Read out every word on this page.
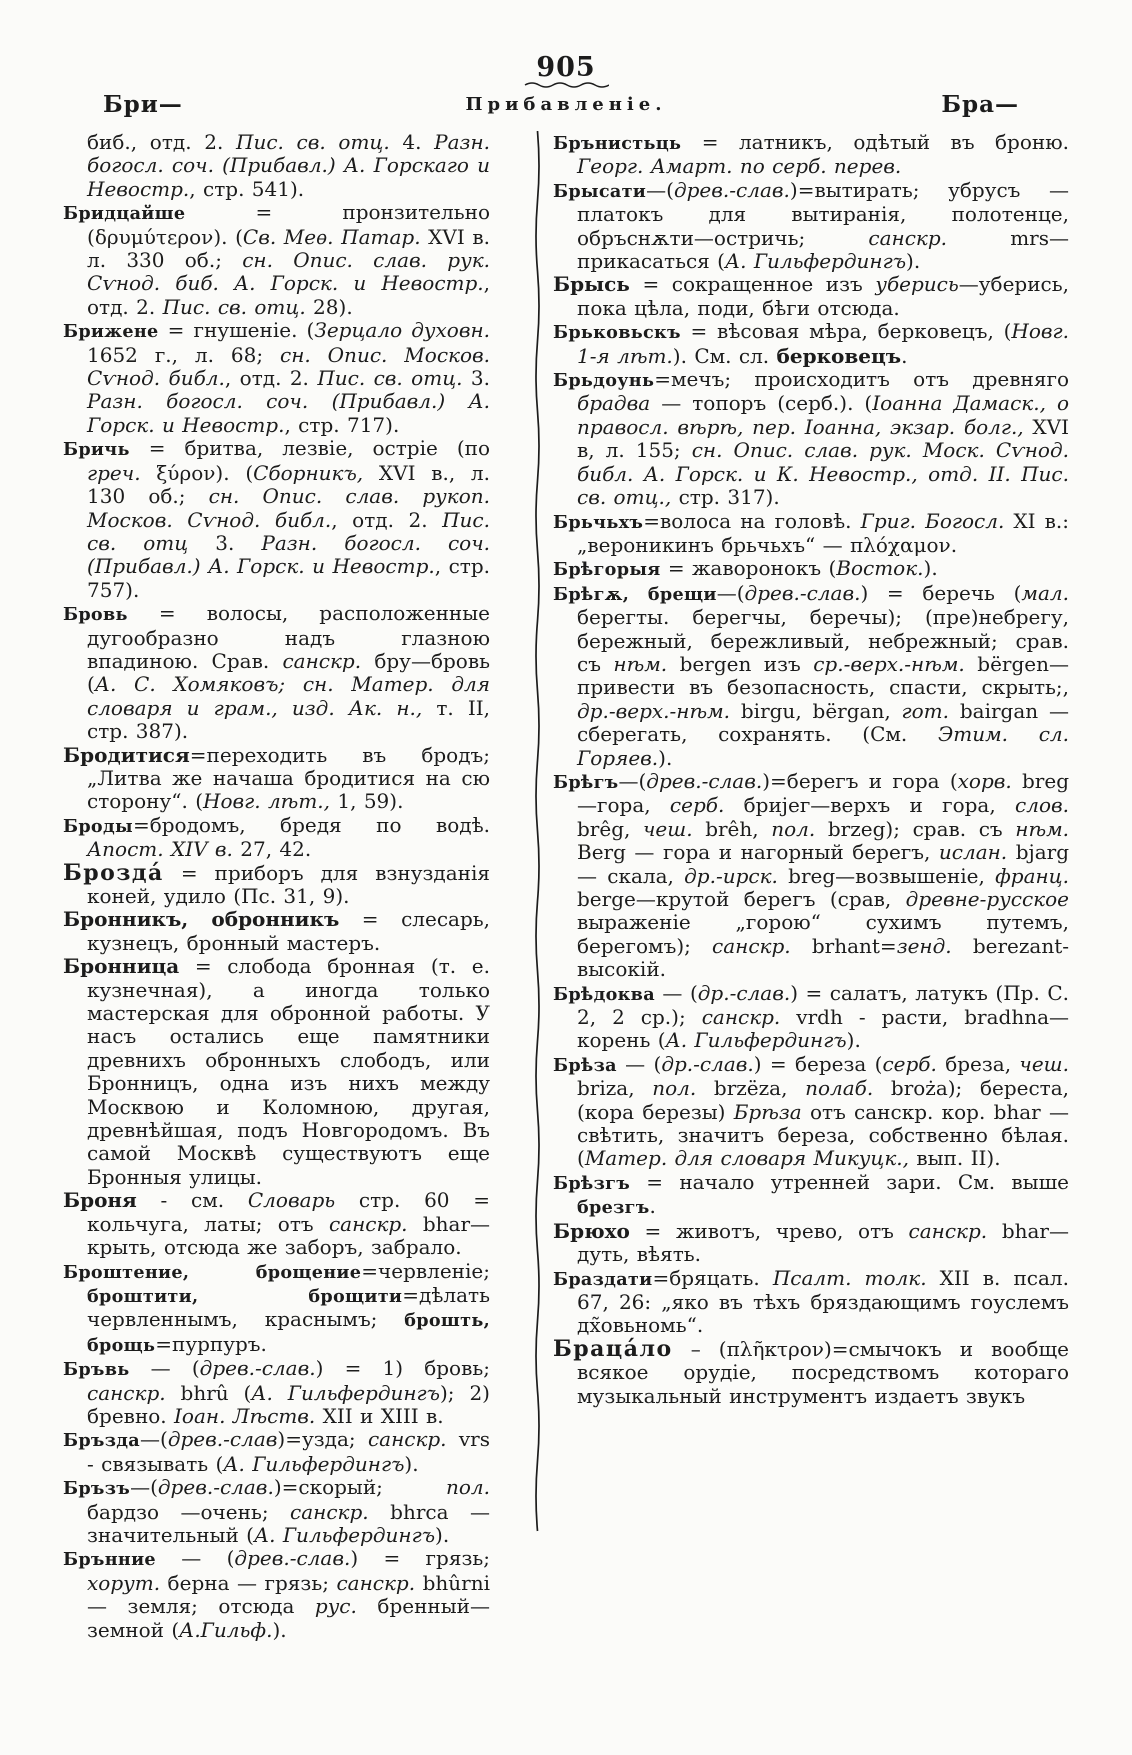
905
Бри—	Прибавленіе.	Бра—

биб., отд. 2. Пис. св. отц. 4. Разн. богосл. соч. (Прибавл.) А. Горскаго и Невостр., стр. 541).

Бридцайше = пронзительно (δρυμύτερον). (Св. Меѳ. Патар. XVI в. л. 330 об.; сн. Опис. слав. рук. Сѵнод. биб. А. Горск. и Невостр., отд. 2. Пис. св. отц. 28).

Брижене = гнушеніе. (Зерцало духовн. 1652 г., л. 68; сн. Опис. Москов. Сѵнод. библ., отд. 2. Пис. св. отц. 3. Разн. богосл. соч. (Прибавл.) А. Горск. и Невостр., стр. 717).

Бричь = бритва, лезвіе, остріе (по греч. ξύρον). (Сборникъ, XVI в., л. 130 об.; сн. Опис. слав. рукоп. Москов. Сѵнод. библ., отд. 2. Пис. св. отц 3. Разн. богосл. соч. (Прибавл.) А. Горск. и Невостр., стр. 757).

Бровь = волосы, расположенные дугообразно надъ глазною впадиною. Срав. санскр. бру—бровь (А. С. Хомяковъ; сн. Матер. для словаря и грам., изд. Ак. н., т. II, стр. 387).

Бродитися=переходить въ бродъ; „Литва же начаша бродитися на сю сторону“. (Новг. лѣт., 1, 59).

Броды=бродомъ, бредя по водѣ. Апост. XIV в. 27, 42.

Брозда́ = приборъ для взнузданія коней, удило (Пс. 31, 9).

Бронникъ, обронникъ = слесарь, кузнецъ, бронный мастеръ.

Бронница = слобода бронная (т. е. кузнечная), а иногда только мастерская для обронной работы. У насъ остались еще памятники древнихъ обронныхъ слободъ, или Бронницъ, одна изъ нихъ между Москвою и Коломною, другая, древнѣйшая, подъ Новгородомъ. Въ самой Москвѣ существуютъ еще Бронныя улицы.

Броня - см. Словарь стр. 60 = кольчуга, латы; отъ санскр. bhar—крыть, отсюда же заборъ, забрало.

Броштение, брощение=червленіе; броштити, брощити=дѣлать червленнымъ, краснымъ; брошть, брощь=пурпуръ.

Бръвь — (древ.-слав.) = 1) бровь; санскр. bhrû (А. Гильфердингъ); 2) бревно. Іоан. Лѣств. XII и XIII в.

Бръзда—(древ.-слав)=узда; санскр. vrs - связывать (А. Гильфердингъ).

Бръзъ—(древ.-слав.)=скорый; пол. бардзо —очень; санскр. bhrca — значительный (А. Гильфердингъ).

Брънние — (древ.-слав.) = грязь; хорут. берна — грязь; санскр. bhûrni — земля; отсюда рус. бренный—земной (А.Гильф.).

Брънистьць = латникъ, одѣтый въ броню. Георг. Амарт. по серб. перев.

Брысати—(древ.-слав.)=вытирать; убрусъ —платокъ для вытиранія, полотенце, обръснѫти—остричь; санскр. mrs—прикасаться (А. Гильфердингъ).

Брысь = сокращенное изъ уберись—уберись, пока цѣла, поди, бѣги отсюда.

Брьковьскъ = вѣсовая мѣра, берковецъ, (Новг. 1-я лѣт.). См. сл. берковецъ.

Брьдоунь=мечъ; происходитъ отъ древняго брадва — топоръ (серб.). (Іоанна Дамаск., о правосл. вѣрѣ, пер. Іоанна, экзар. болг., XVI в, л. 155; сн. Опис. слав. рук. Моск. Сѵнод. библ. А. Горск. и К. Невостр., отд. II. Пис. св. отц., стр. 317).

Брьчьхъ=волоса на головѣ. Григ. Богосл. XI в.: „вероникинъ брьчьхъ“ — πλόχαμον.

Брѣгорыя = жаворонокъ (Восток.).

Брѣгѫ, брещи—(древ.-слав.) = беречь (мал. берегты. берегчы, беречы); (пре)небрегу, бережный, бережливый, небрежный; срав. съ нѣм. bergen изъ ср.-верх.-нѣм. bërgen—привести въ безопасность, спасти, скрыть;, др.-верх.-нѣм. birgu, bërgan, гот. bairgan — сберегать, сохранять. (См. Этим. сл. Горяев.).

Брѣгъ—(древ.-слав.)=берегъ и гора (хорв. breg—гора, серб. бриjег—верхъ и гора, слов. brêg, чеш. brêh, пол. brzeg); срав. съ нѣм. Berg — гора и нагорный берегъ, ислан. bjarg — скала, др.-ирск. breg—возвышеніе, франц. berge—крутой берегъ (срав, древне-русское выраженіе „горою“ сухимъ путемъ, берегомъ); санскр. brhant=зенд. berezant-высокій.

Брѣдоква — (др.-слав.) = салатъ, латукъ (Пр. С. 2, 2 ср.); санскр. vrdh - расти, bradhna—корень (А. Гильфердингъ).

Брѣза — (др.-слав.) = береза (серб. бреза, чеш. briza, пол. brzëza, полаб. broża); береста, (кора березы) Брѣза отъ санскр. кор. bhar — свѣтить, значитъ береза, собственно бѣлая. (Матер. для словаря Микуцк., вып. II).

Брѣзгъ = начало утренней зари. См. выше брезгъ.

Брюхо = животъ, чрево, отъ санскр. bhar—дуть, вѣять.

Браздати=бряцать. Псалт. толк. XII в. псал. 67, 26: „яко въ тѣхъ бряздающимъ гоуслемъ дх̃овьномь“.

Браца́ло – (πλῆκτρον)=смычокъ и вообще всякое орудіе, посредствомъ котораго музыкальный инструментъ издаетъ звукъ
